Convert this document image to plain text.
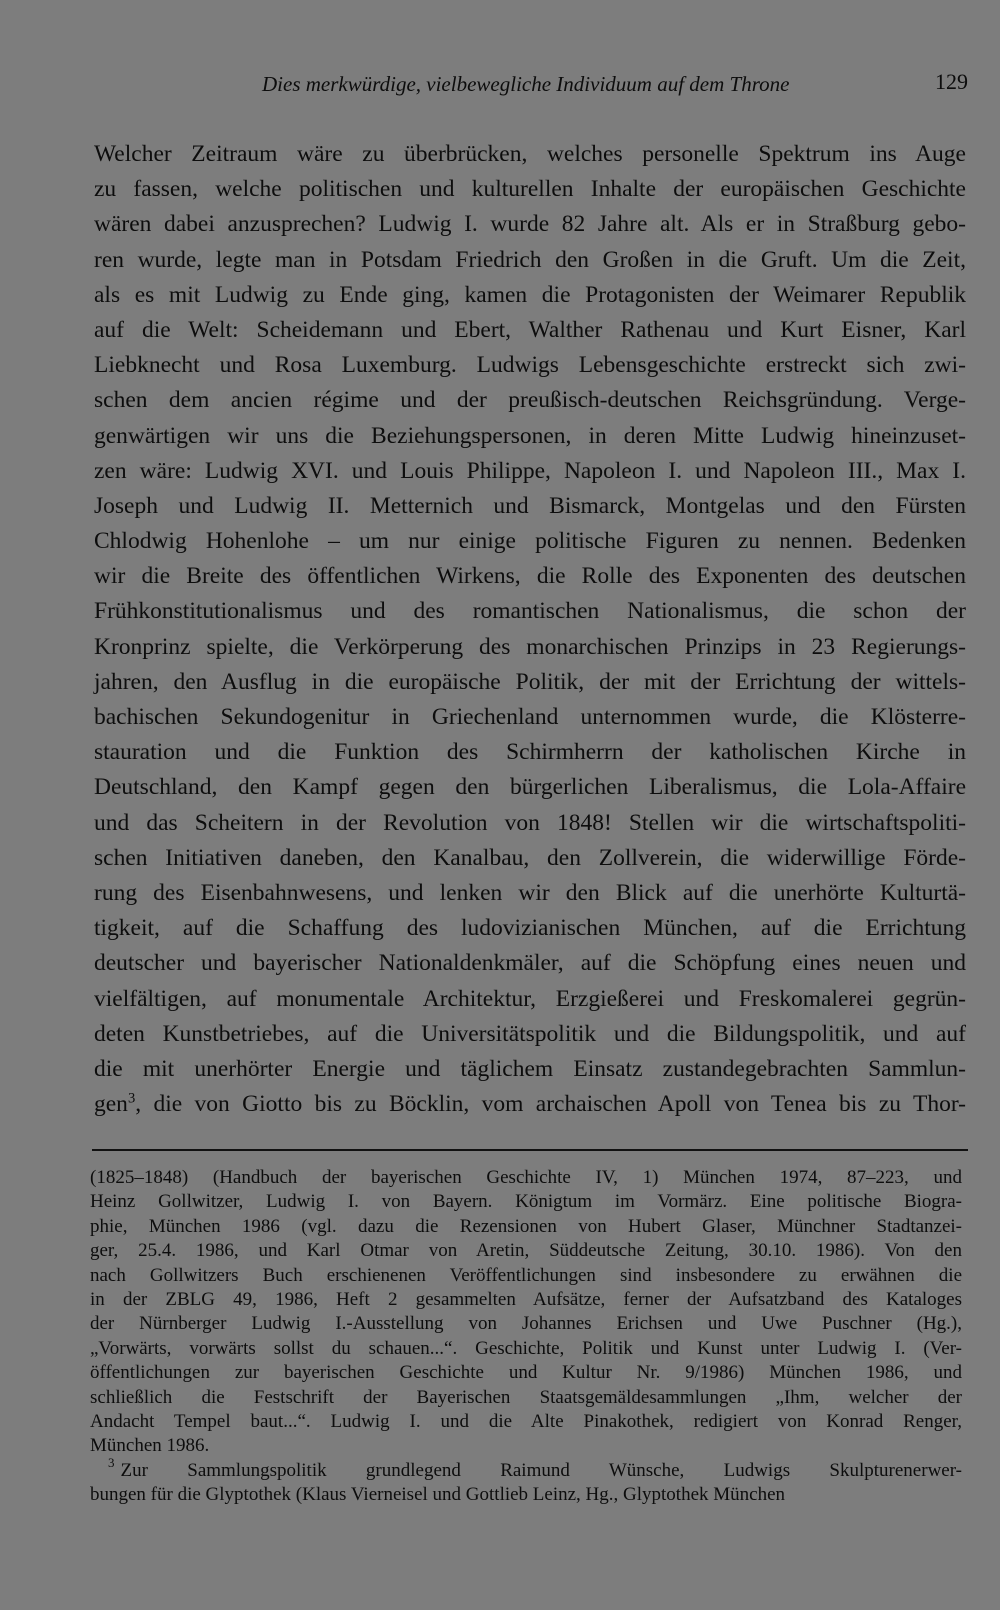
Dies merkwürdige, vielbewegliche Individuum auf dem Throne	129
Welcher Zeitraum wäre zu überbrücken, welches personelle Spektrum ins Auge
zu fassen, welche politischen und kulturellen Inhalte der europäischen Geschichte
wären dabei anzusprechen? Ludwig I. wurde 82 Jahre alt. Als er in Straßburg gebo-
ren wurde, legte man in Potsdam Friedrich den Großen in die Gruft. Um die Zeit,
als es mit Ludwig zu Ende ging, kamen die Protagonisten der Weimarer Republik
auf die Welt: Scheidemann und Ebert, Walther Rathenau und Kurt Eisner, Karl
Liebknecht und Rosa Luxemburg. Ludwigs Lebensgeschichte erstreckt sich zwi-
schen dem ancien régime und der preußisch-deutschen Reichsgründung. Verge-
genwärtigen wir uns die Beziehungspersonen, in deren Mitte Ludwig hineinzuset-
zen wäre: Ludwig XVI. und Louis Philippe, Napoleon I. und Napoleon III., Max I.
Joseph und Ludwig II. Metternich und Bismarck, Montgelas und den Fürsten
Chlodwig Hohenlohe – um nur einige politische Figuren zu nennen. Bedenken
wir die Breite des öffentlichen Wirkens, die Rolle des Exponenten des deutschen
Frühkonstitutionalismus und des romantischen Nationalismus, die schon der
Kronprinz spielte, die Verkörperung des monarchischen Prinzips in 23 Regierungs-
jahren, den Ausflug in die europäische Politik, der mit der Errichtung der wittels-
bachischen Sekundogenitur in Griechenland unternommen wurde, die Klösterre-
stauration und die Funktion des Schirmherrn der katholischen Kirche in
Deutschland, den Kampf gegen den bürgerlichen Liberalismus, die Lola-Affaire
und das Scheitern in der Revolution von 1848! Stellen wir die wirtschaftspoliti-
schen Initiativen daneben, den Kanalbau, den Zollverein, die widerwillige Förde-
rung des Eisenbahnwesens, und lenken wir den Blick auf die unerhörte Kulturtä-
tigkeit, auf die Schaffung des ludovizianischen München, auf die Errichtung
deutscher und bayerischer Nationaldenkmäler, auf die Schöpfung eines neuen und
vielfältigen, auf monumentale Architektur, Erzgießerei und Freskomalerei gegrün-
deten Kunstbetriebes, auf die Universitätspolitik und die Bildungspolitik, und auf
die mit unerhörter Energie und täglichem Einsatz zustandegebrachten Sammlun-
gen$^3$, die von Giotto bis zu Böcklin, vom archaischen Apoll von Tenea bis zu Thor-
(1825–1848) (Handbuch der bayerischen Geschichte IV, 1) München 1974, 87–223, und
Heinz Gollwitzer, Ludwig I. von Bayern. Königtum im Vormärz. Eine politische Biogra-
phie, München 1986 (vgl. dazu die Rezensionen von Hubert Glaser, Münchner Stadtanzei-
ger, 25.4. 1986, und Karl Otmar von Aretin, Süddeutsche Zeitung, 30.10. 1986). Von den
nach Gollwitzers Buch erschienenen Veröffentlichungen sind insbesondere zu erwähnen die
in der ZBLG 49, 1986, Heft 2 gesammelten Aufsätze, ferner der Aufsatzband des Kataloges
der Nürnberger Ludwig I.-Ausstellung von Johannes Erichsen und Uwe Puschner (Hg.),
„Vorwärts, vorwärts sollst du schauen...“. Geschichte, Politik und Kunst unter Ludwig I. (Ver-
öffentlichungen zur bayerischen Geschichte und Kultur Nr. 9/1986) München 1986, und
schließlich die Festschrift der Bayerischen Staatsgemäldesammlungen „Ihm, welcher der
Andacht Tempel baut...“. Ludwig I. und die Alte Pinakothek, redigiert von Konrad Renger,
München 1986.
$^3$ Zur Sammlungspolitik grundlegend Raimund Wünsche, Ludwigs Skulpturenerwer-
bungen für die Glyptothek (Klaus Vierneisel und Gottlieb Leinz, Hg., Glyptothek München
